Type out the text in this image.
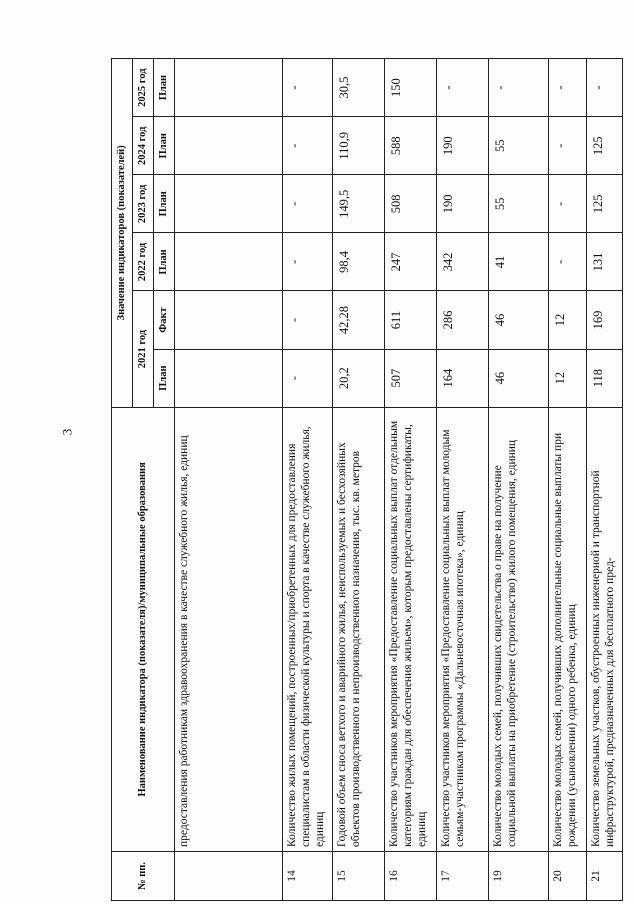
3
№ пп.	Наименование индикатора (показателя)/муниципальные образования	Значение индикаторов (показателей)					
		2021 год		2022 год	2023 год	2024 год	2025 год
		План	Факт	План	План	План	План
	предоставления работникам здравоохранения в качестве служебного жилья, единиц						
14	Количество жилых помещений, построенных/приобретенных для предоставления специалистам в области физической культуры и спорта в качестве служебного жилья, единиц	-	-	-	-	-	-
15	Годовой объем сноса ветхого и аварийного жилья, неиспользуемых и бесхозяйных объектов производственного и непроизводственного назначения, тыс. кв. метров	20,2	42,28	98,4	149,5	110,9	30,5
16	Количество участников мероприятия «Предоставление социальных выплат отдельным категориям граждан для обеспечения жильем», которым предоставлены сертификаты, единиц	507	611	247	508	588	150
17	Количество участников мероприятия «Предоставление социальных выплат молодым семьям-участникам программы «Дальневосточная ипотека», единиц	164	286	342	190	190	-
19	Количество молодых семей, получивших свидетельства о праве на получение социальной выплаты на приобретение (строительство) жилого помещения, единиц	46	46	41	55	55	-
20	Количество молодых семей, получивших дополнительные социальные выплаты при рождении (усыновлении) одного ребенка, единиц	12	12	-	-	-	-
21	Количество земельных участков, обустроенных инженерной и транспортной инфраструктурой, предназначенных для бесплатного пред-	118	169	131	125	125	-
